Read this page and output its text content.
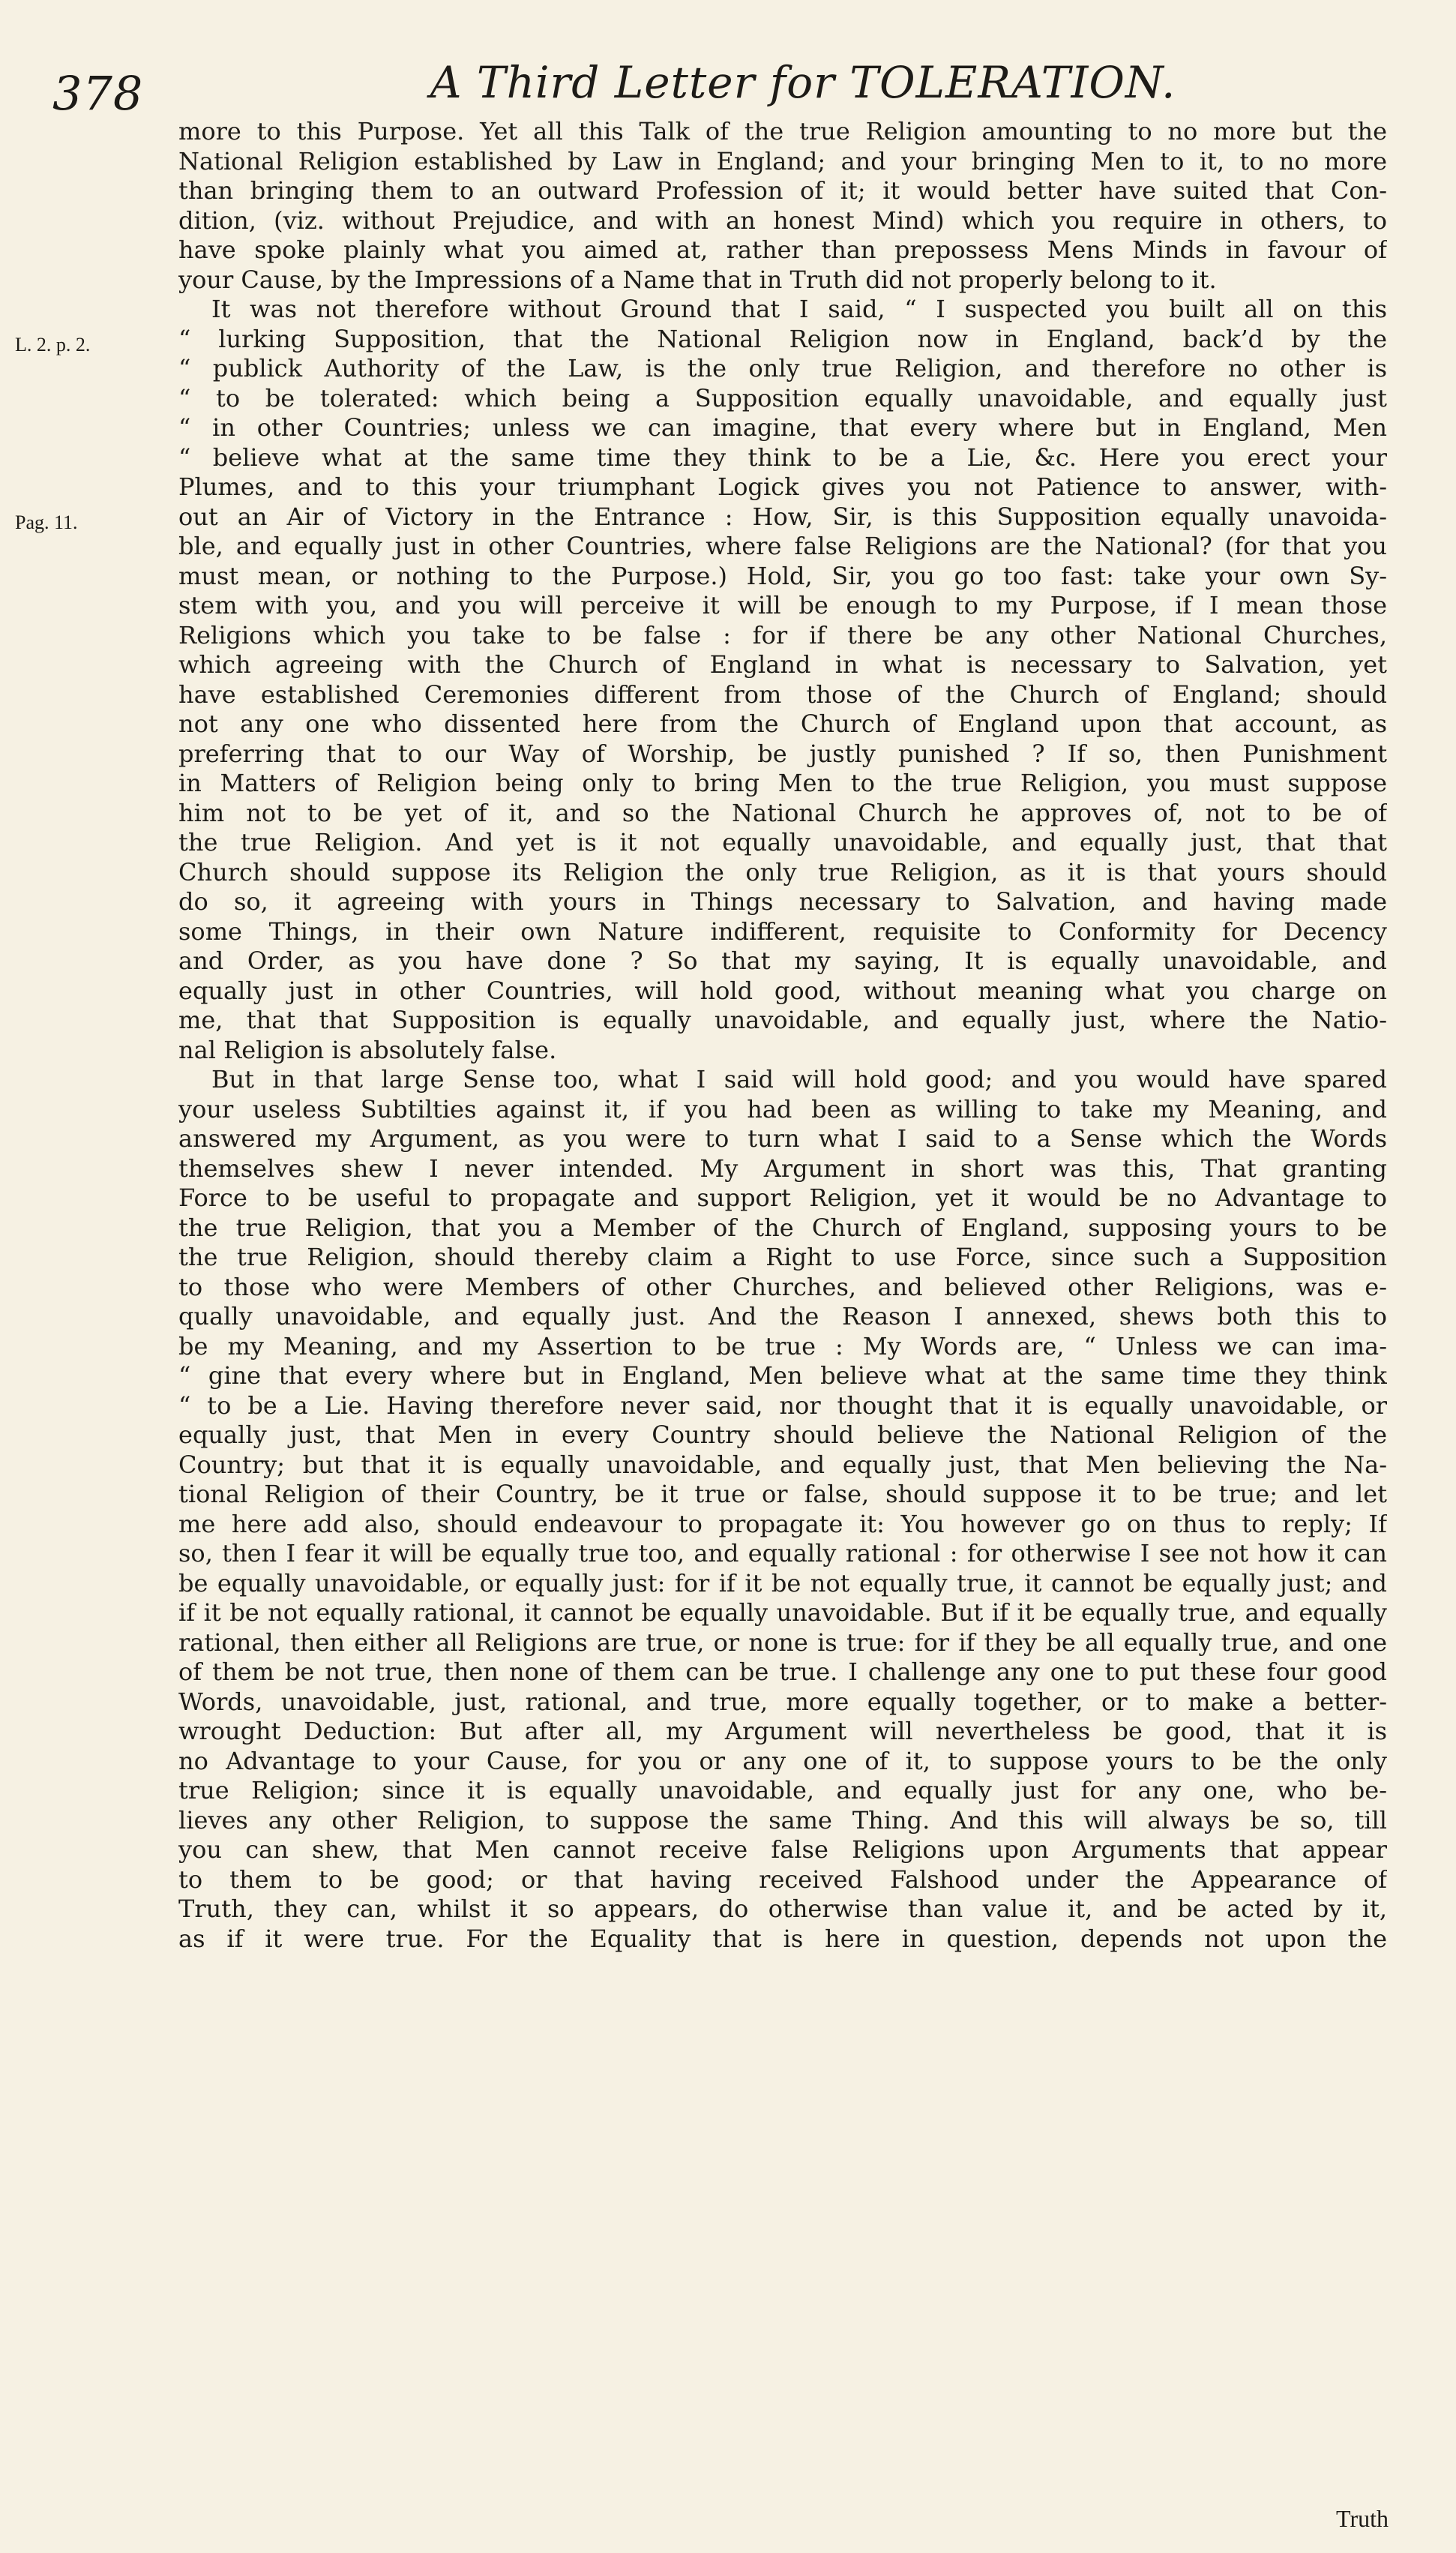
378	A Third Letter for TOLERATION.
L. 2. p. 2.
Pag. 11.
more to this Purpose. Yet all this Talk of the true Religion amounting to no more but the
National Religion established by Law in England; and your bringing Men to it, to no more
than bringing them to an outward Profession of it; it would better have suited that Con-
dition, (viz. without Prejudice, and with an honest Mind) which you require in others, to
have spoke plainly what you aimed at, rather than prepossess Mens Minds in favour of
your Cause, by the Impressions of a Name that in Truth did not properly belong to it.
It was not therefore without Ground that I said, “ I suspected you built all on this
“ lurking Supposition, that the National Religion now in England, back’d by the
“ publick Authority of the Law, is the only true Religion, and therefore no other is
“ to be tolerated: which being a Supposition equally unavoidable, and equally just
“ in other Countries; unless we can imagine, that every where but in England, Men
“ believe what at the same time they think to be a Lie, &c. Here you erect your
Plumes, and to this your triumphant Logick gives you not Patience to answer, with-
out an Air of Victory in the Entrance : How, Sir, is this Supposition equally unavoida-
ble, and equally just in other Countries, where false Religions are the National? (for that you
must mean, or nothing to the Purpose.) Hold, Sir, you go too fast: take your own Sy-
stem with you, and you will perceive it will be enough to my Purpose, if I mean those
Religions which you take to be false : for if there be any other National Churches,
which agreeing with the Church of England in what is necessary to Salvation, yet
have established Ceremonies different from those of the Church of England; should
not any one who dissented here from the Church of England upon that account, as
preferring that to our Way of Worship, be justly punished ? If so, then Punishment
in Matters of Religion being only to bring Men to the true Religion, you must suppose
him not to be yet of it, and so the National Church he approves of, not to be of
the true Religion. And yet is it not equally unavoidable, and equally just, that that
Church should suppose its Religion the only true Religion, as it is that yours should
do so, it agreeing with yours in Things necessary to Salvation, and having made
some Things, in their own Nature indifferent, requisite to Conformity for Decency
and Order, as you have done ? So that my saying, It is equally unavoidable, and
equally just in other Countries, will hold good, without meaning what you charge on
me, that that Supposition is equally unavoidable, and equally just, where the Natio-
nal Religion is absolutely false.
But in that large Sense too, what I said will hold good; and you would have spared
your useless Subtilties against it, if you had been as willing to take my Meaning, and
answered my Argument, as you were to turn what I said to a Sense which the Words
themselves shew I never intended. My Argument in short was this, That granting
Force to be useful to propagate and support Religion, yet it would be no Advantage to
the true Religion, that you a Member of the Church of England, supposing yours to be
the true Religion, should thereby claim a Right to use Force, since such a Supposition
to those who were Members of other Churches, and believed other Religions, was e-
qually unavoidable, and equally just. And the Reason I annexed, shews both this to
be my Meaning, and my Assertion to be true : My Words are, “ Unless we can ima-
“ gine that every where but in England, Men believe what at the same time they think
“ to be a Lie. Having therefore never said, nor thought that it is equally unavoidable, or
equally just, that Men in every Country should believe the National Religion of the
Country; but that it is equally unavoidable, and equally just, that Men believing the Na-
tional Religion of their Country, be it true or false, should suppose it to be true; and let
me here add also, should endeavour to propagate it: You however go on thus to reply; If
so, then I fear it will be equally true too, and equally rational : for otherwise I see not how it can
be equally unavoidable, or equally just: for if it be not equally true, it cannot be equally just; and
if it be not equally rational, it cannot be equally unavoidable. But if it be equally true, and equally
rational, then either all Religions are true, or none is true: for if they be all equally true, and one
of them be not true, then none of them can be true. I challenge any one to put these four good
Words, unavoidable, just, rational, and true, more equally together, or to make a better-
wrought Deduction: But after all, my Argument will nevertheless be good, that it is
no Advantage to your Cause, for you or any one of it, to suppose yours to be the only
true Religion; since it is equally unavoidable, and equally just for any one, who be-
lieves any other Religion, to suppose the same Thing. And this will always be so, till
you can shew, that Men cannot receive false Religions upon Arguments that appear
to them to be good; or that having received Falshood under the Appearance of
Truth, they can, whilst it so appears, do otherwise than value it, and be acted by it,
as if it were true. For the Equality that is here in question, depends not upon the
Truth
